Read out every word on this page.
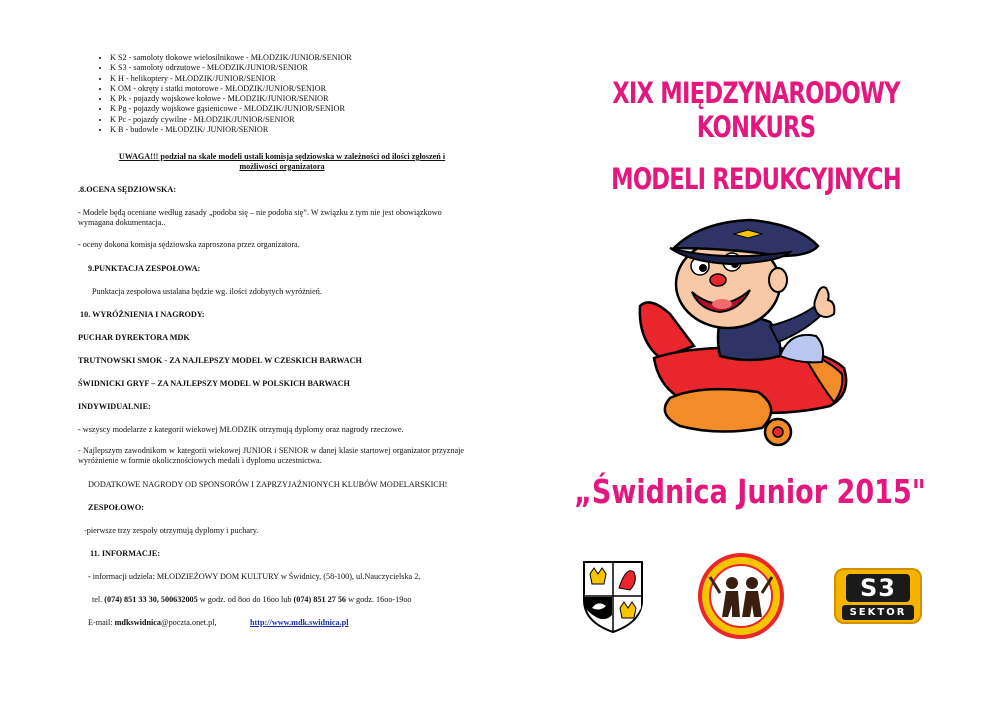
• K S2 - samoloty tłokowe wielosilnikowe - MŁODZIK/JUNIOR/SENIOR
• K S3 - samoloty odrzutowe - MŁODZIK/JUNIOR/SENIOR
• K H - helikoptery - MŁODZIK/JUNIOR/SENIOR
• K OM - okręty i statki motorowe - MŁODZIK/JUNIOR/SENIOR
• K Pk - pojazdy wojskowe kołowe - MŁODZIK/JUNIOR/SENIOR
• K Pg - pojazdy wojskowe gąsienicowe - MŁODZIK/JUNIOR/SENIOR
• K Pc - pojazdy cywilne - MŁODZIK/JUNIOR/SENIOR
• K B - budowle - MŁODZIK/ JUNIOR/SENIOR
UWAGA!!! podział na skale modeli ustali komisja sędziowska w zależności od ilości zgłoszeń i
możliwości organizatora
.8.OCENA SĘDZIOWSKA:
- Modele będą oceniane według zasady „podoba się – nie podoba się”. W związku z tym nie jest obowiązkowo wymagana dokumentacja..
- oceny dokona komisja sędziowska zaproszona przez organizatora.
9.PUNKTACJA ZESPOŁOWA:
Punktacja zespołowa ustalana będzie wg. ilości zdobytych wyróżnień.
10. WYRÓŻNIENIA I NAGRODY:
PUCHAR DYREKTORA MDK
TRUTNOWSKI SMOK - ZA NAJLEPSZY MODEL W CZESKICH BARWACH
ŚWIDNICKI GRYF – ZA NAJLEPSZY MODEL W POLSKICH BARWACH
INDYWIDUALNIE:
- wszyscy modelarze z kategorii wiekowej MŁODZIK otrzymują dyplomy oraz nagrody rzeczowe.
- Najlepszym zawodnikom w kategorii wiekowej JUNIOR i SENIOR w danej klasie startowej organizator przyznaje wyróżnienie w formie okolicznościowych medali i dyplomu uczestnictwa.
DODATKOWE NAGRODY OD SPONSORÓW I ZAPRZYJAŹNIONYCH KLUBÓW MODELARSKICH!
ZESPOŁOWO:
-pierwsze trzy zespoły otrzymują dyplomy i puchary.
11. INFORMACJE:
- informacji udziela: MŁODZIEŻOWY DOM KULTURY w Świdnicy, (58-100), ul.Nauczycielska 2,
tel. (074) 851 33 30, 500632005 w godz. od 8oo do 16oo lub (074) 851 27 56 w godz. 16oo-19oo
E-mail: mdkswidnica@poczta.onet.pl,	http://www.mdk.swidnica.pl
XIX MIĘDZYNARODOWY KONKURS
MODELI REDUKCYJNYCH
„Świdnica Junior 2015"
S3
SEKTOR
